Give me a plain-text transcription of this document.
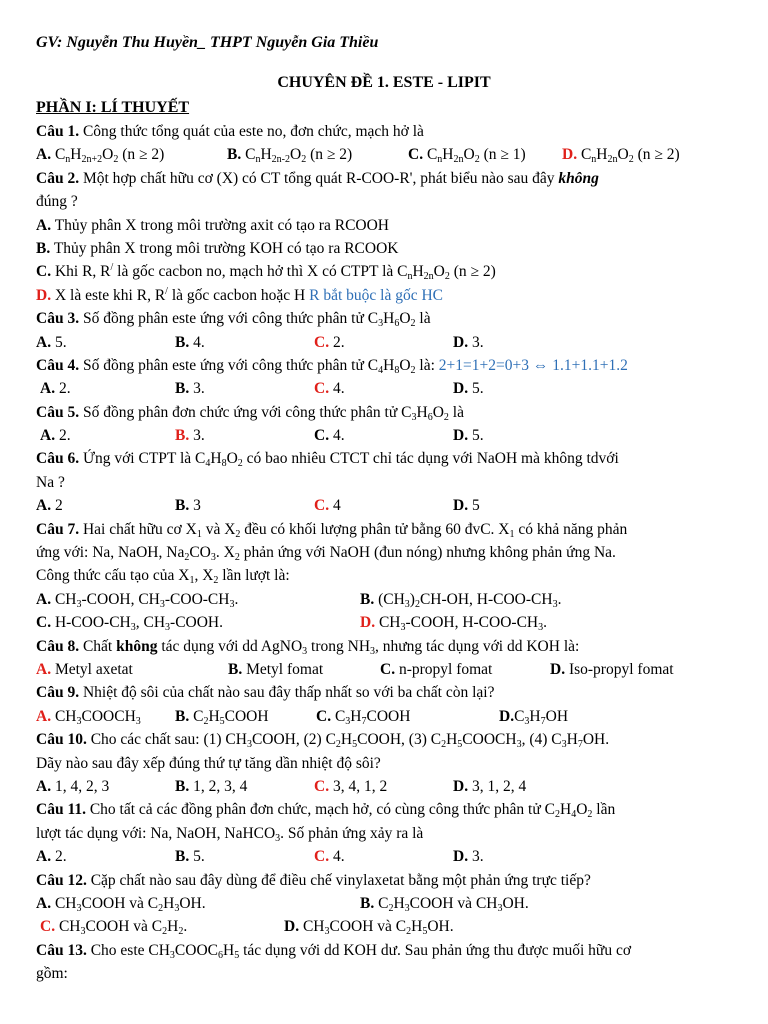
GV: Nguyễn Thu Huyền_ THPT Nguyễn Gia Thiều
CHUYÊN ĐỀ 1. ESTE - LIPIT
PHẦN I: LÍ THUYẾT
Câu 1. Công thức tổng quát của este no, đơn chức, mạch hở là
A. $C_nH_{2n+2}O_2$ (n ≥ 2)	B. $C_nH_{2n-2}O_2$ (n ≥ 2)	C. $C_nH_{2n}O_2$ (n ≥ 1)	D. $C_nH_{2n}O_2$ (n ≥ 2)
Câu 2. Một hợp chất hữu cơ (X) có CT tổng quát R-COO-R', phát biểu nào sau đây không
đúng ?
A. Thủy phân X trong môi trường axit có tạo ra RCOOH
B. Thủy phân X trong môi trường KOH có tạo ra RCOOK
C. Khi R, R/ là gốc cacbon no, mạch hở thì X có CTPT là $C_nH_{2n}O_2$ (n ≥ 2)
D. X là este khi R, R/ là gốc cacbon hoặc H R bắt buộc là gốc HC
Câu 3. Số đồng phân este ứng với công thức phân tử $C_3H_6O_2$ là
A. 5.	B. 4.	C. 2.	D. 3.
Câu 4. Số đồng phân este ứng với công thức phân tử $C_4H_8O_2$ là: 2+1=1+2=0+3 ⇔ 1.1+1.1+1.2
A. 2.	B. 3.	C. 4.	D. 5.
Câu 5. Số đồng phân đơn chức ứng với công thức phân tử $C_3H_6O_2$ là
A. 2.	B. 3.	C. 4.	D. 5.
Câu 6. Ứng với CTPT là $C_4H_8O_2$ có bao nhiêu CTCT chỉ tác dụng với NaOH mà không tdvới
Na ?
A. 2	B. 3	C. 4	D. 5
Câu 7. Hai chất hữu cơ $X_1$ và $X_2$ đều có khối lượng phân tử bằng 60 đvC. $X_1$ có khả năng phản
ứng với: Na, NaOH, $Na_2CO_3$. $X_2$ phản ứng với NaOH (đun nóng) nhưng không phản ứng Na.
Công thức cấu tạo của $X_1$, $X_2$ lần lượt là:
A. $CH_3$-COOH, $CH_3-COO-CH_3$.	B. $(CH_3)_2CH-OH$, $H-COO-CH_3$.
C. $H-COO-CH_3$, $CH_3$-COOH.	D. $CH_3$-COOH, $H-COO-CH_3$.
Câu 8. Chất không tác dụng với dd AgNO$_3$ trong $NH_3$, nhưng tác dụng với dd KOH là:
A. Metyl axetat	B. Metyl fomat	C. n-propyl fomat	D. Iso-propyl fomat
Câu 9. Nhiệt độ sôi của chất nào sau đây thấp nhất so với ba chất còn lại?
A. $CH_3COOCH_3$	B. $C_2H_5COOH$	C. $C_3H_7COOH$	$D.C_3H_7OH$
Câu 10. Cho các chất sau: (1) $CH_3COOH$, (2) $C_2H_5COOH$, (3) $C_2H_5COOCH_3$, (4) $C_3H_7OH$.
Dãy nào sau đây xếp đúng thứ tự tăng dần nhiệt độ sôi?
A. 1, 4, 2, 3	B. 1, 2, 3, 4	C. 3, 4, 1, 2	D. 3, 1, 2, 4
Câu 11. Cho tất cả các đồng phân đơn chức, mạch hở, có cùng công thức phân tử $C_2H_4O_2$ lần
lượt tác dụng với: Na, NaOH, NaHCO$_3$. Số phản ứng xảy ra là
A. 2.	B. 5.	C. 4.	D. 3.
Câu 12. Cặp chất nào sau đây dùng để điều chế vinylaxetat bằng một phản ứng trực tiếp?
A. $CH_3COOH$ và $C_2H_3OH$.	B. $C_2H_3COOH$ và $CH_3OH$.
C. $CH_3COOH$ và $C_2H_2$.	D. $CH_3COOH$ và $C_2H_5OH$.
Câu 13. Cho este $CH_3COOC_6H_5$ tác dụng với dd KOH dư. Sau phản ứng thu được muối hữu cơ
gồm:
